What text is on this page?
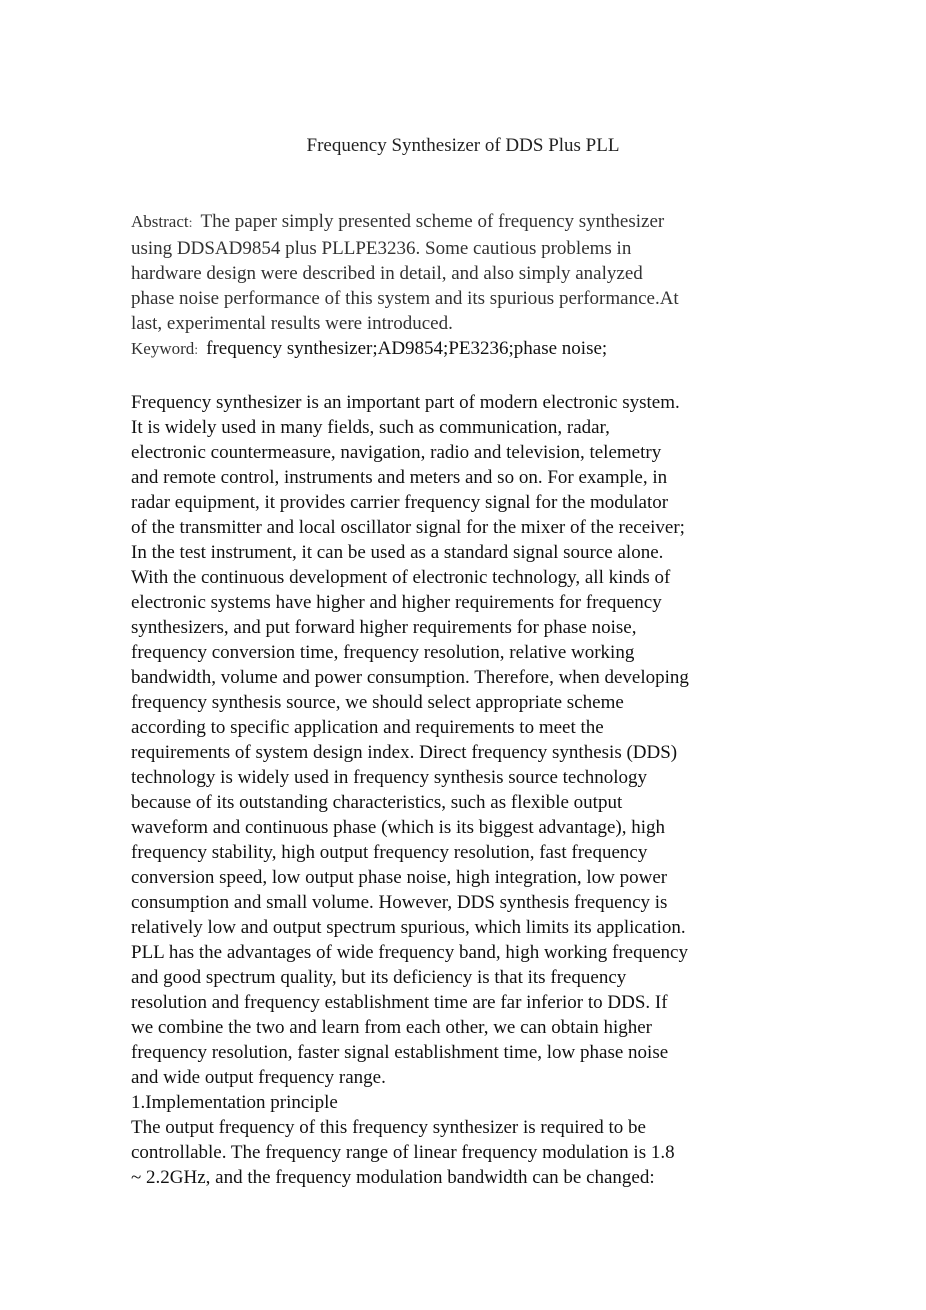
Frequency Synthesizer of DDS Plus PLL
Abstract: The paper simply presented scheme of frequency synthesizer
using DDSAD9854 plus PLLPE3236. Some cautious problems in
hardware design were described in detail, and also simply analyzed
phase noise performance of this system and its spurious performance.At
last, experimental results were introduced.

Keyword: frequency synthesizer;AD9854;PE3236;phase noise;

Frequency synthesizer is an important part of modern electronic system.
It is widely used in many fields, such as communication, radar,
electronic countermeasure, navigation, radio and television, telemetry
and remote control, instruments and meters and so on. For example, in
radar equipment, it provides carrier frequency signal for the modulator
of the transmitter and local oscillator signal for the mixer of the receiver;
In the test instrument, it can be used as a standard signal source alone.
With the continuous development of electronic technology, all kinds of
electronic systems have higher and higher requirements for frequency
synthesizers, and put forward higher requirements for phase noise,
frequency conversion time, frequency resolution, relative working
bandwidth, volume and power consumption. Therefore, when developing
frequency synthesis source, we should select appropriate scheme
according to specific application and requirements to meet the
requirements of system design index. Direct frequency synthesis (DDS)
technology is widely used in frequency synthesis source technology
because of its outstanding characteristics, such as flexible output
waveform and continuous phase (which is its biggest advantage), high
frequency stability, high output frequency resolution, fast frequency
conversion speed, low output phase noise, high integration, low power
consumption and small volume. However, DDS synthesis frequency is
relatively low and output spectrum spurious, which limits its application.
PLL has the advantages of wide frequency band, high working frequency
and good spectrum quality, but its deficiency is that its frequency
resolution and frequency establishment time are far inferior to DDS. If
we combine the two and learn from each other, we can obtain higher
frequency resolution, faster signal establishment time, low phase noise
and wide output frequency range.

1.Implementation principle

The output frequency of this frequency synthesizer is required to be
controllable. The frequency range of linear frequency modulation is 1.8
~ 2.2GHz, and the frequency modulation bandwidth can be changed:
